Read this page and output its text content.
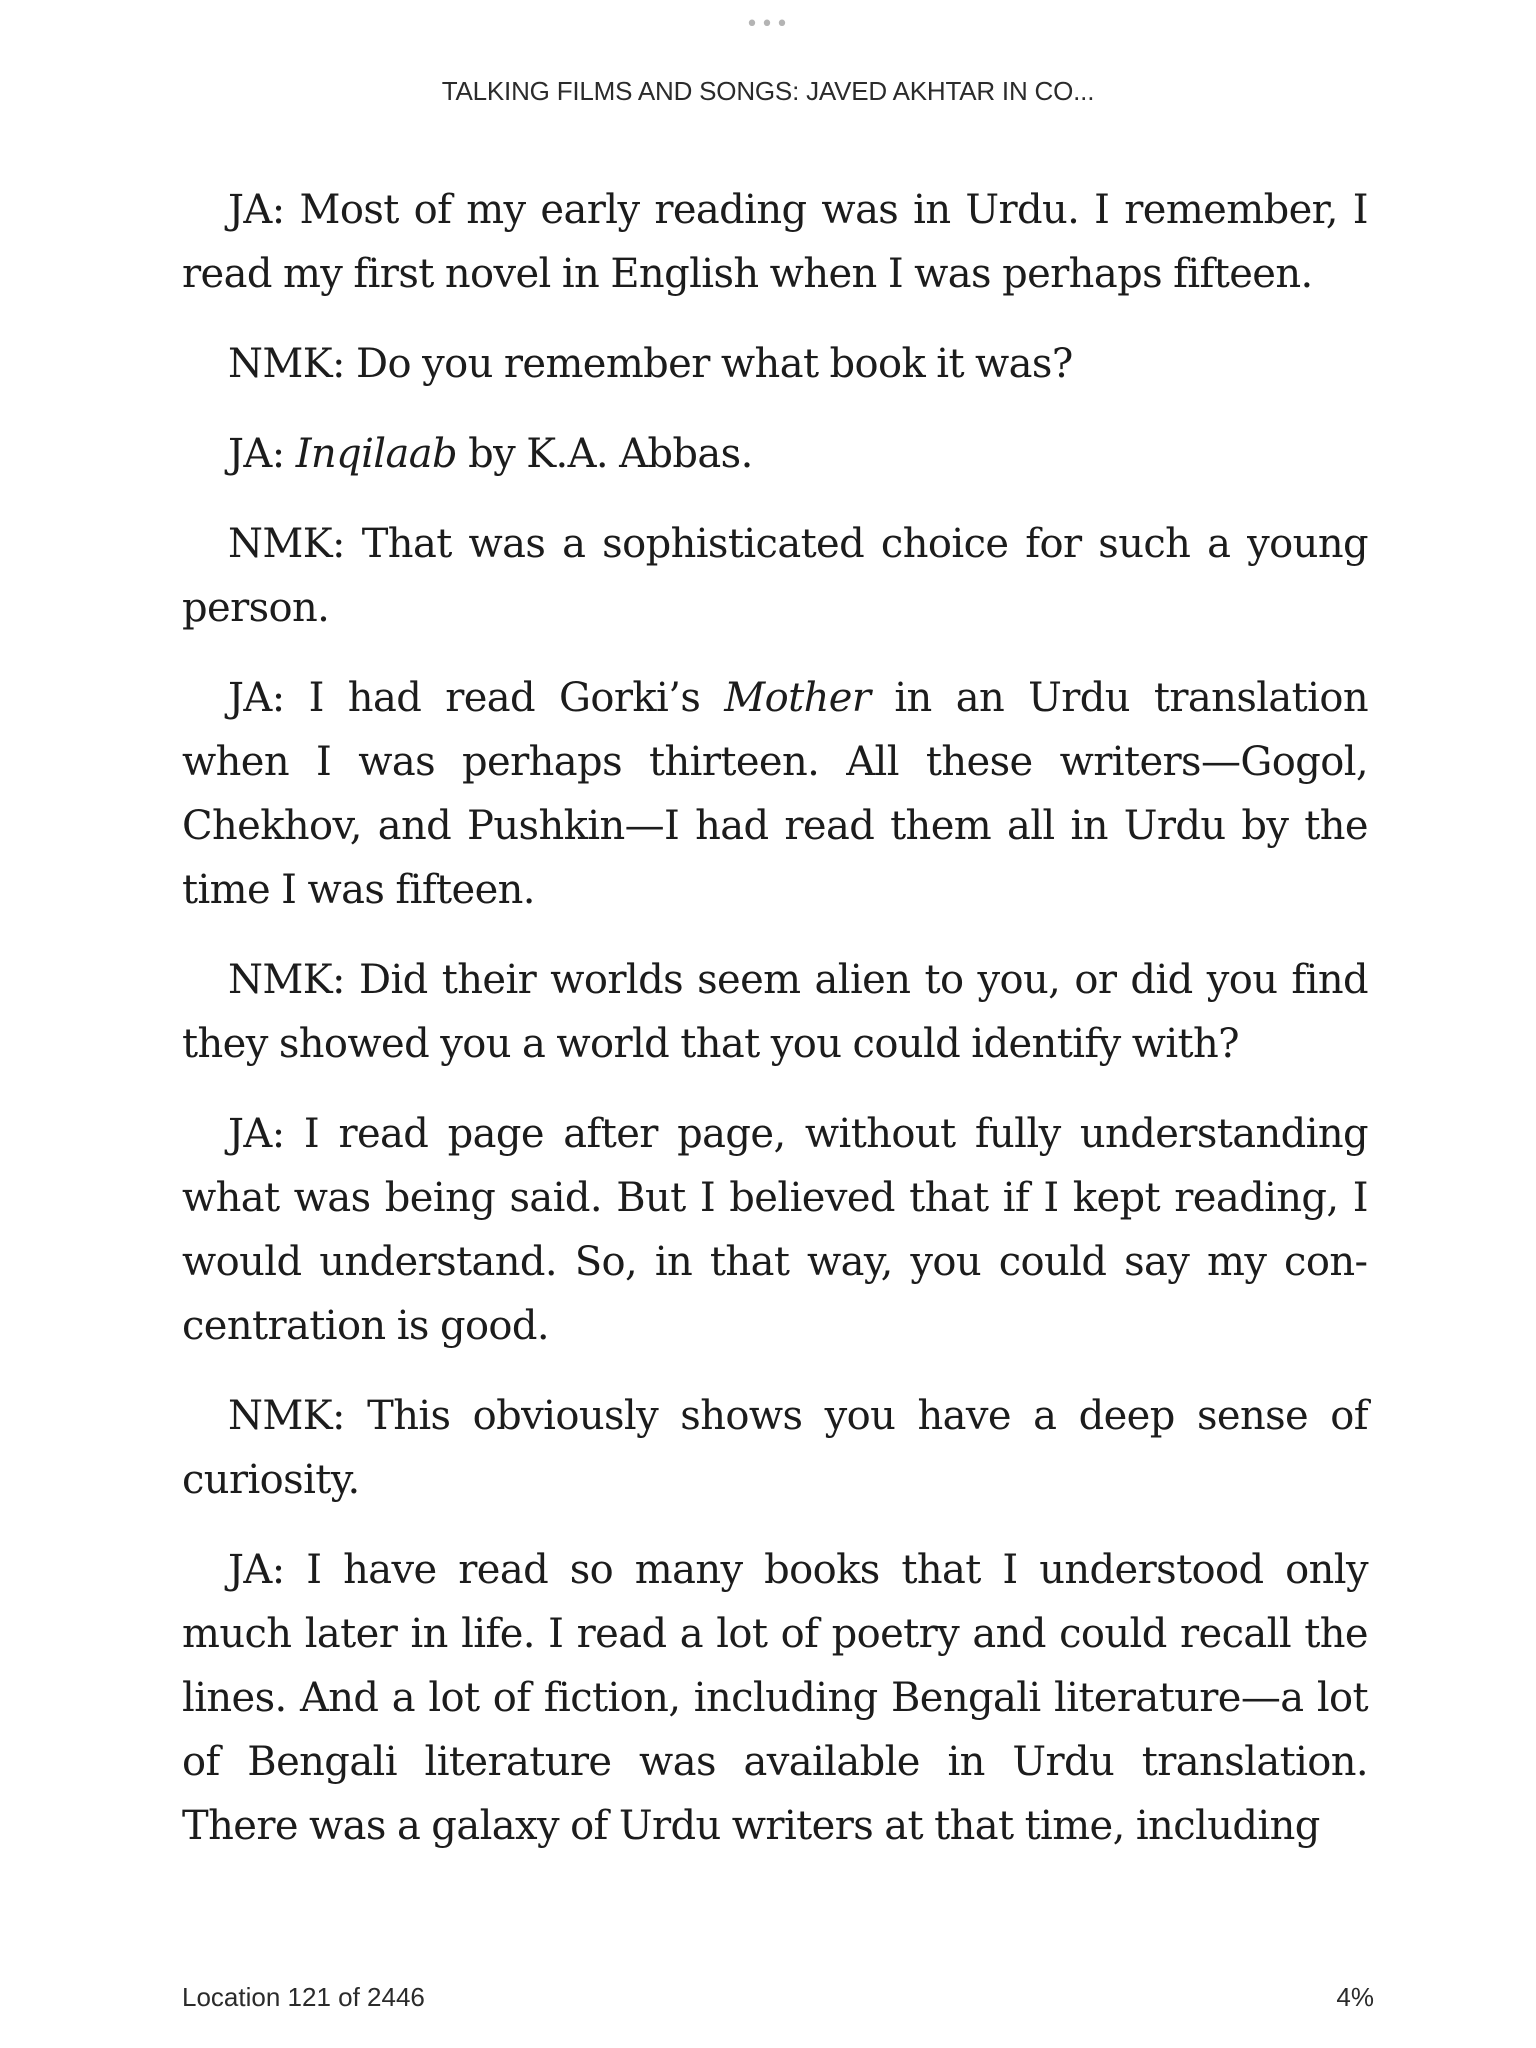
•••
TALKING FILMS AND SONGS: JAVED AKHTAR IN CO...

JA: Most of my early reading was in Urdu. I remember, I read my first novel in English when I was perhaps fifteen.

NMK: Do you remember what book it was?

JA: Inqilaab by K.A. Abbas.

NMK: That was a sophisticated choice for such a young person.

JA: I had read Gorki’s Mother in an Urdu translation when I was perhaps thirteen. All these writers—Gogol, Chekhov, and Pushkin—I had read them all in Urdu by the time I was fifteen.

NMK: Did their worlds seem alien to you, or did you find they showed you a world that you could identify with?

JA: I read page after page, without fully understanding what was being said. But I believed that if I kept reading, I would understand. So, in that way, you could say my concentration is good.

NMK: This obviously shows you have a deep sense of curiosity.

JA: I have read so many books that I understood only much later in life. I read a lot of poetry and could recall the lines. And a lot of fiction, including Bengali literature—a lot of Bengali literature was available in Urdu translation. There was a galaxy of Urdu writers at that time, including

Location 121 of 2446	4%
